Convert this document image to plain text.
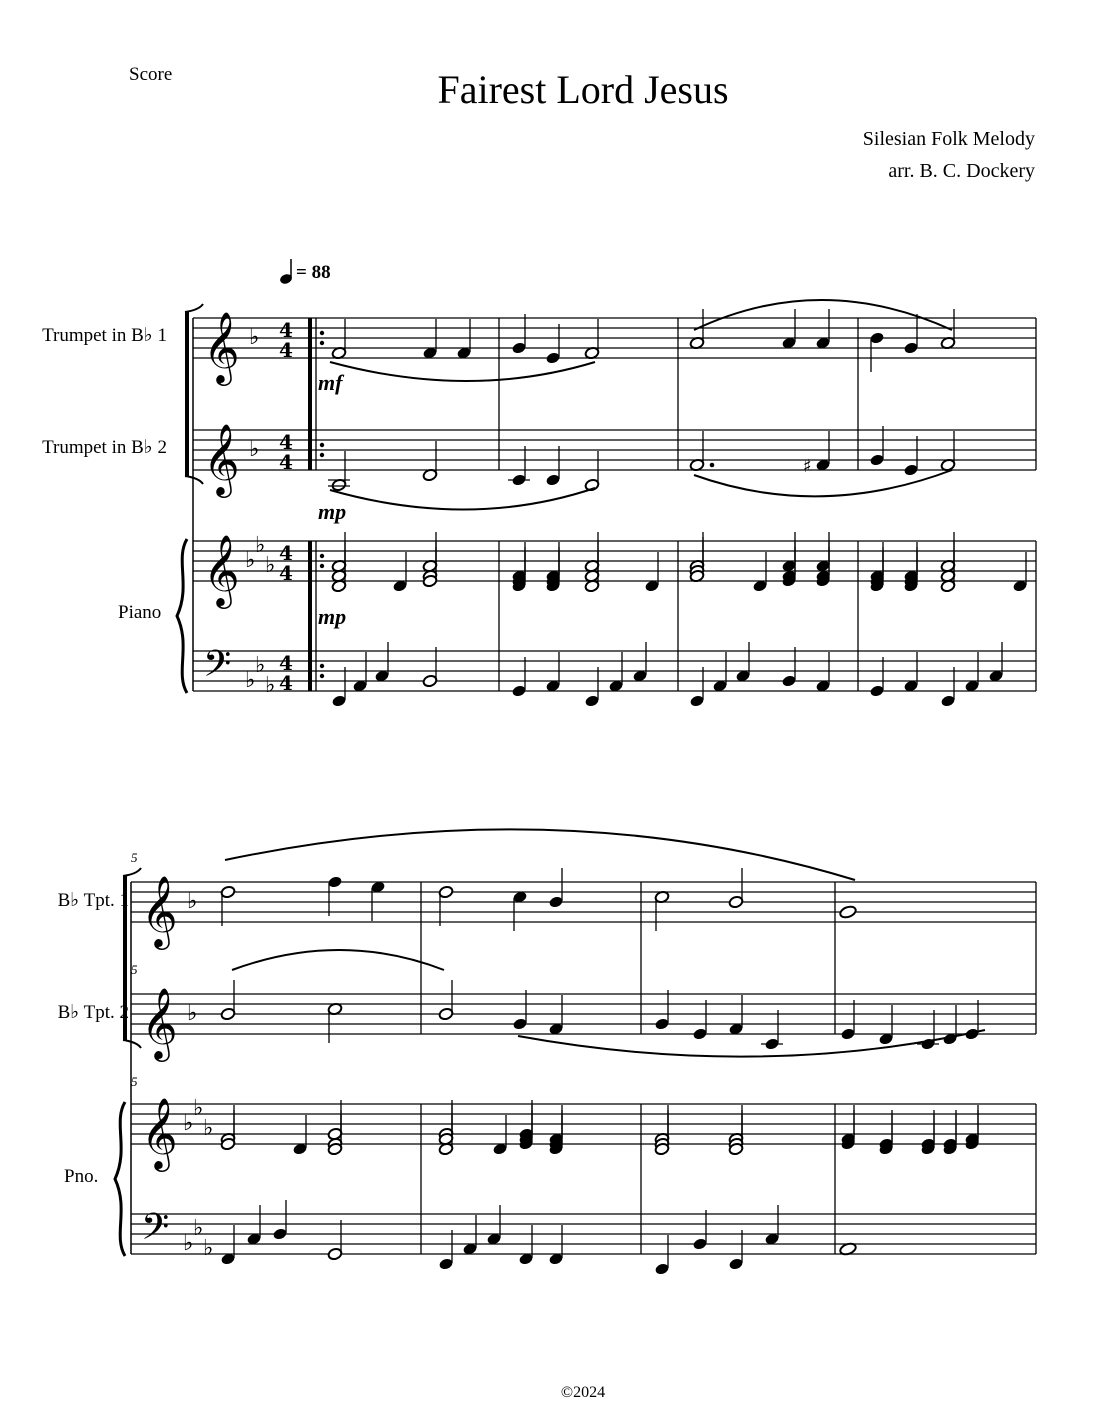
Score	Fairest Lord Jesus
Silesian Folk Melody
arr. B. C. Dockery
= 88
Trumpet in B♭ 1
Trumpet in B♭ 2
Piano
B♭ Tpt. 1
B♭ Tpt. 2
Pno.
©2024
♯
𝄞
𝄞
𝄞
𝄢
♭
♭
♭
♭
♭
♭
♭
♭
4
4
4
4
4
4
4
4
𝄞
𝄞
𝄞
𝄢
♭
♭
♭
♭
♭
♭
♭
♭
mf
mp
mp
5
5
5
